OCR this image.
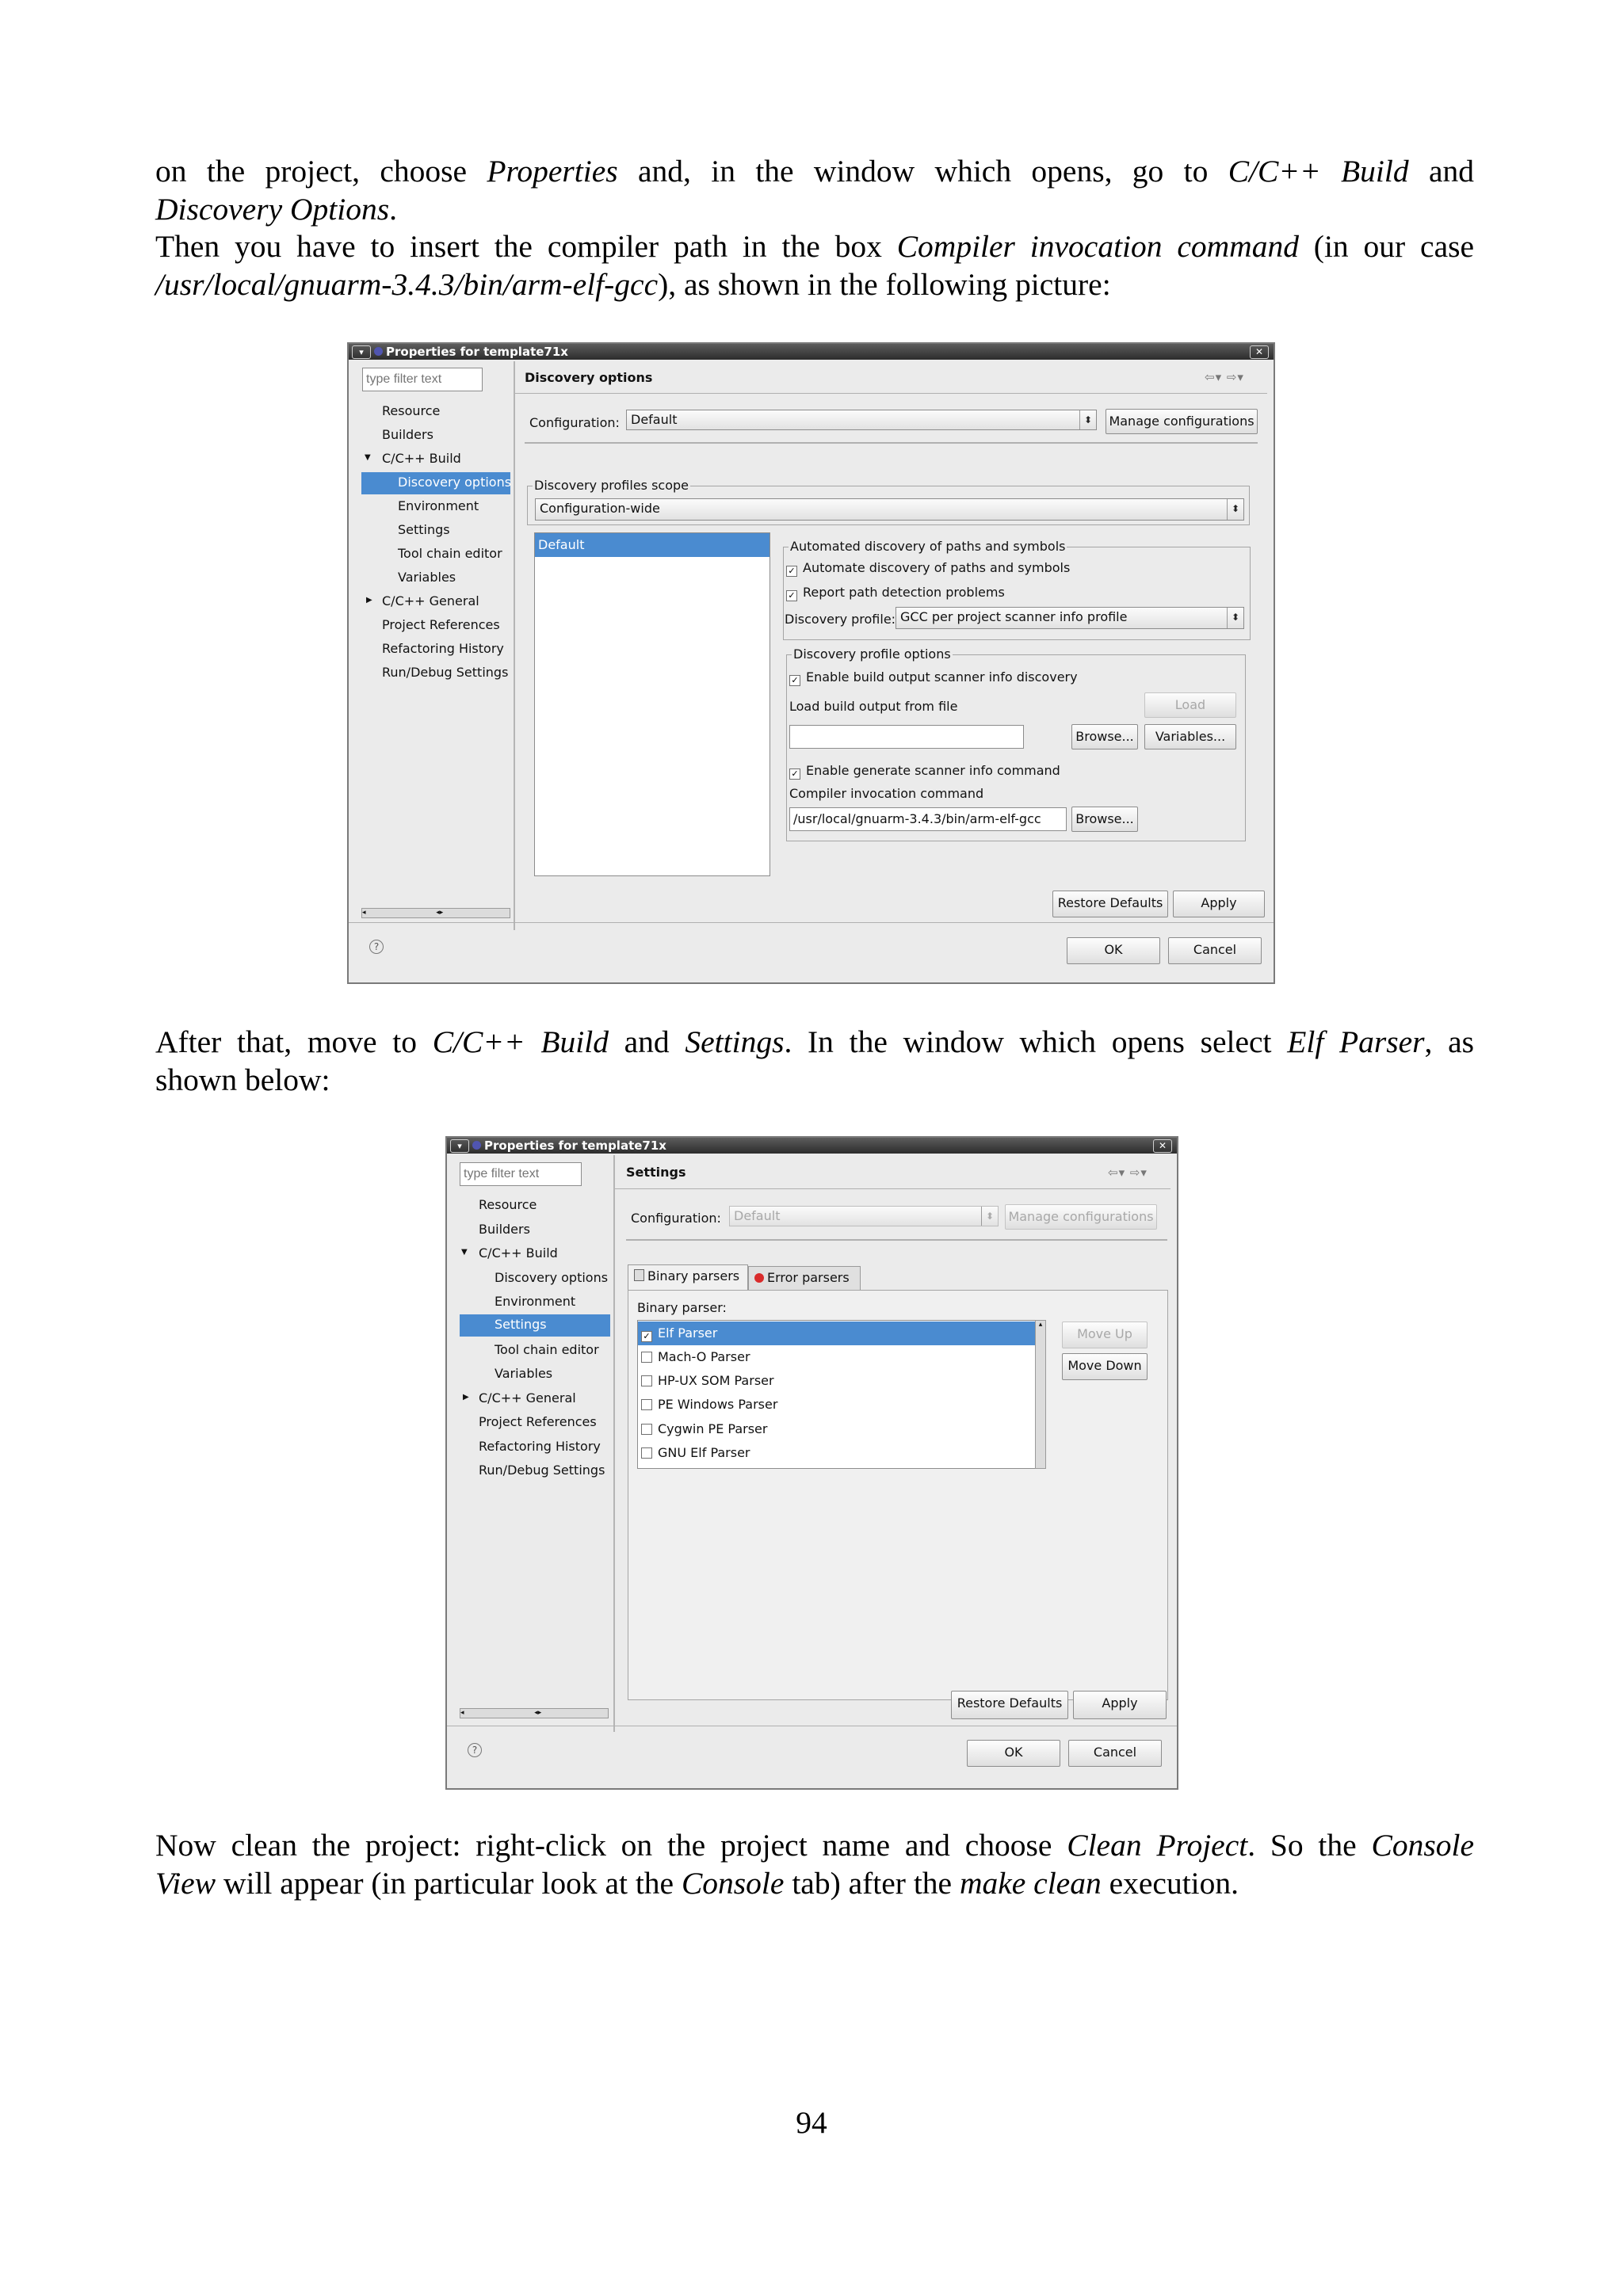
on the project, choose Properties and, in the window which opens, go to C/C++ Build and
Discovery Options.
Then you have to insert the compiler path in the box Compiler invocation command (in our case
/usr/local/gnuarm-3.4.3/bin/arm-elf-gcc), as shown in the following picture:
▾	Properties for template71x	✕
type filter text
Resource
Builders
▼ C/C++ Build
Discovery options
Environment
Settings
Tool chain editor
Variables
▶ C/C++ General
Project References
Refactoring History
Run/Debug Settings
◂                               ◂▸
Discovery options	⇦▾ ⇨▾
Configuration: Default	⬍	Manage configurations
Discovery profiles scope
Configuration-wide	⬍
Default	Automated discovery of paths and symbols
✓ Automate discovery of paths and symbols
✓ Report path detection problems
Discovery profile: GCC per project scanner info profile	⬍
Discovery profile options
✓ Enable build output scanner info discovery
Load build output from file	Load
Browse...	Variables...
✓ Enable generate scanner info command
Compiler invocation command
/usr/local/gnuarm-3.4.3/bin/arm-elf-gcc	Browse...
Restore Defaults	Apply
?	OK	Cancel
After that, move to C/C++ Build and Settings. In the window which opens select Elf Parser, as
shown below:
▾	Properties for template71x	✕
type filter text
Resource
Builders
▼ C/C++ Build
Discovery options
Environment
Settings
Tool chain editor
Variables
▶ C/C++ General
Project References
Refactoring History
Run/Debug Settings
◂                               ◂▸
Settings	⇦▾ ⇨▾
Configuration:	Default	⬍	Manage configurations
Binary parsers	Error parsers
Binary parser:
✓ Elf Parser
Mach-O Parser
HP-UX SOM Parser
PE Windows Parser
Cygwin PE Parser
GNU Elf Parser
▴
Move Up
Move Down
Restore Defaults	Apply
?	OK	Cancel
Now clean the project: right-click on the project name and choose Clean Project. So the Console
View will appear (in particular look at the Console tab) after the make clean execution.
94
